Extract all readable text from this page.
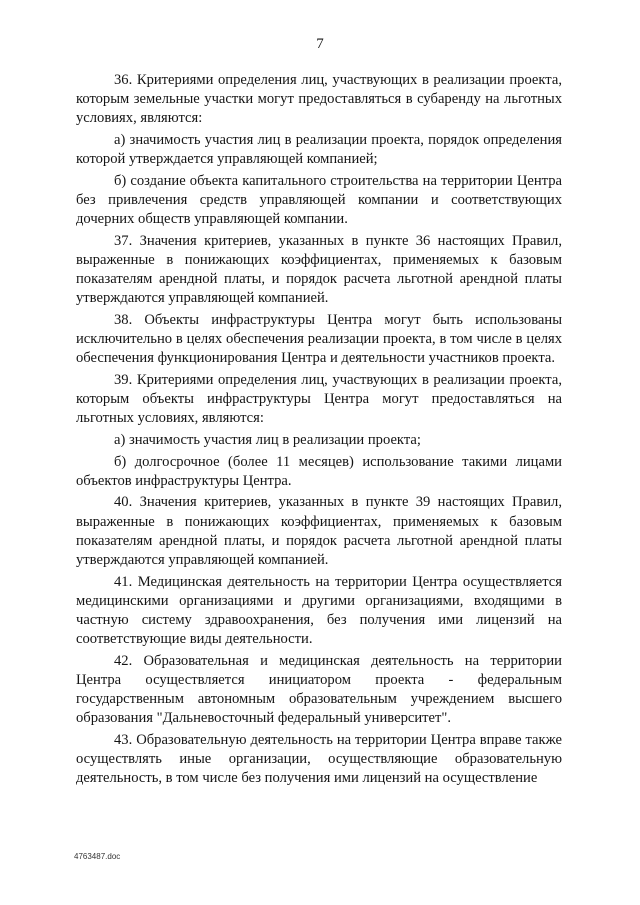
7

36. Критериями определения лиц, участвующих в реализации проекта, которым земельные участки могут предоставляться в субаренду на льготных условиях, являются:

а) значимость участия лиц в реализации проекта, порядок определения которой утверждается управляющей компанией;

б) создание объекта капитального строительства на территории Центра без привлечения средств управляющей компании и соответствующих дочерних обществ управляющей компании.

37. Значения критериев, указанных в пункте 36 настоящих Правил, выраженные в понижающих коэффициентах, применяемых к базовым показателям арендной платы, и порядок расчета льготной арендной платы утверждаются управляющей компанией.

38. Объекты инфраструктуры Центра могут быть использованы исключительно в целях обеспечения реализации проекта, в том числе в целях обеспечения функционирования Центра и деятельности участников проекта.

39. Критериями определения лиц, участвующих в реализации проекта, которым объекты инфраструктуры Центра могут предоставляться на льготных условиях, являются:

а) значимость участия лиц в реализации проекта;

б) долгосрочное (более 11 месяцев) использование такими лицами объектов инфраструктуры Центра.

40. Значения критериев, указанных в пункте 39 настоящих Правил, выраженные в понижающих коэффициентах, применяемых к базовым показателям арендной платы, и порядок расчета льготной арендной платы утверждаются управляющей компанией.

41. Медицинская деятельность на территории Центра осуществляется медицинскими организациями и другими организациями, входящими в частную систему здравоохранения, без получения ими лицензий на соответствующие виды деятельности.

42. Образовательная и медицинская деятельность на территории Центра осуществляется инициатором проекта - федеральным государственным автономным образовательным учреждением высшего образования "Дальневосточный федеральный университет".

43. Образовательную деятельность на территории Центра вправе также осуществлять иные организации, осуществляющие образовательную деятельность, в том числе без получения ими лицензий на осуществление

4763487.doc
